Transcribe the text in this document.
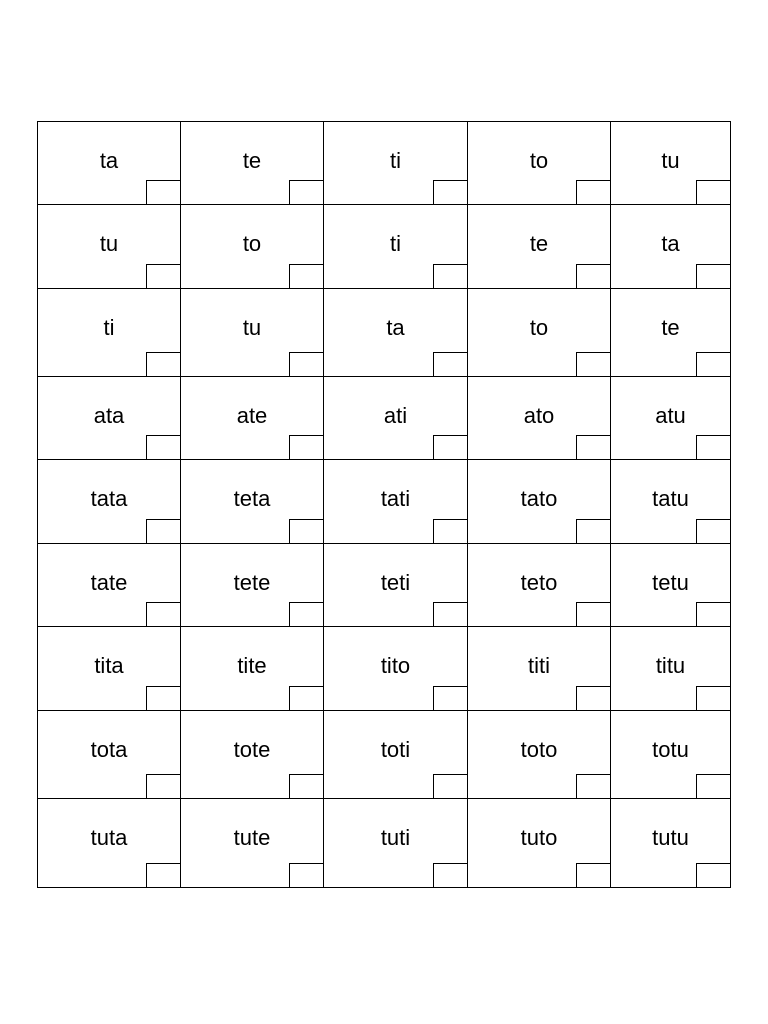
ta	te	ti	to	tu
tu	to	ti	te	ta
ti	tu	ta	to	te
ata	ate	ati	ato	atu
tata	teta	tati	tato	tatu
tate	tete	teti	teto	tetu
tita	tite	tito	titi	titu
tota	tote	toti	toto	totu
tuta	tute	tuti	tuto	tutu
